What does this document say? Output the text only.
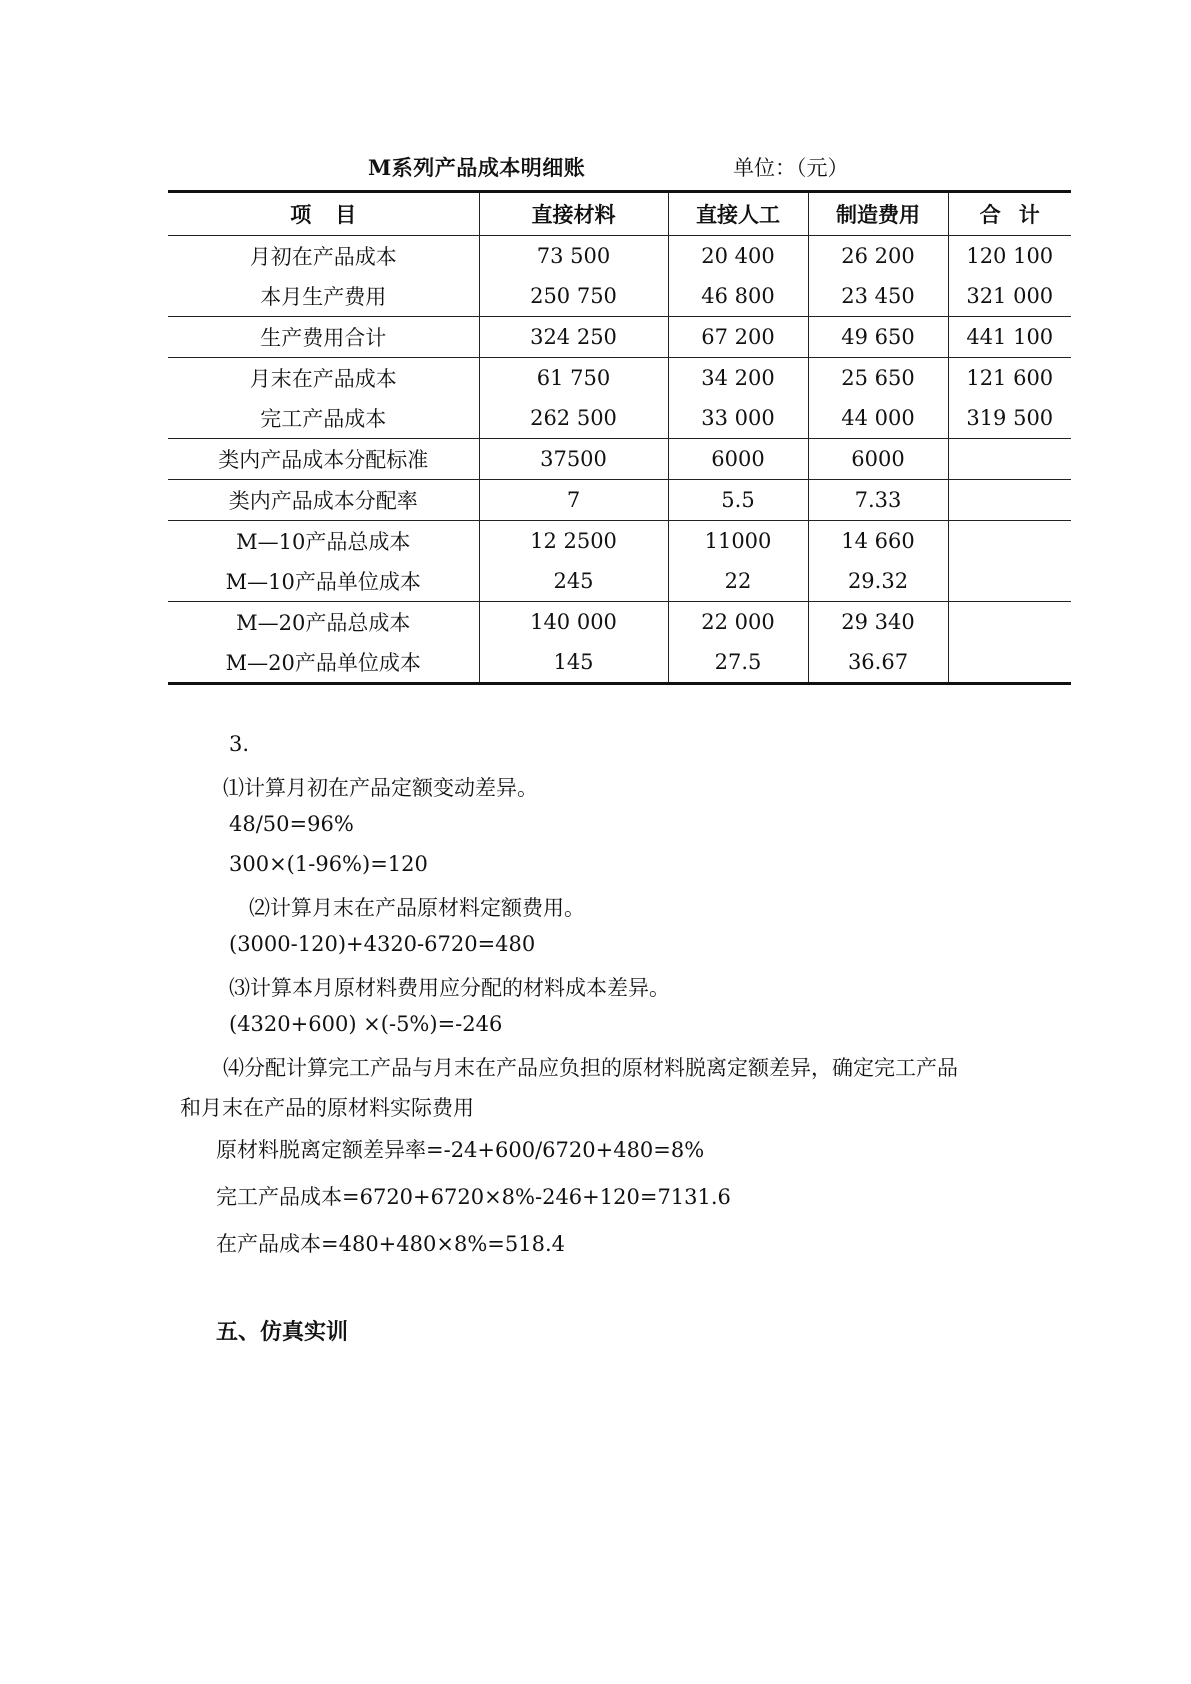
M系列产品成本明细账	单位：（元）
项目	直接材料	直接人工	制造费用	合计
月初在产品成本	73 500	20 400	26 200	120 100
本月生产费用	250 750	46 800	23 450	321 000
生产费用合计	324 250	67 200	49 650	441 100
月末在产品成本	61 750	34 200	25 650	121 600
完工产品成本	262 500	33 000	44 000	319 500
类内产品成本分配标准	37500	6000	6000	
类内产品成本分配率	7	5.5	7.33	
M—10产品总成本	12 2500	11000	14 660	
M—10产品单位成本	245	22	29.32	
M—20产品总成本	140 000	22 000	29 340	
M—20产品单位成本	145	27.5	36.67	
3.
⑴计算月初在产品定额变动差异。
48/50=96%
300×(1-96%)=120
⑵计算月末在产品原材料定额费用。
(3000-120)+4320-6720=480
⑶计算本月原材料费用应分配的材料成本差异。
(4320+600) ×(-5%)=-246
⑷分配计算完工产品与月末在产品应负担的原材料脱离定额差异，确定完工产品
和月末在产品的原材料实际费用
原材料脱离定额差异率=-24+600/6720+480=8%
完工产品成本=6720+6720×8%-246+120=7131.6
在产品成本=480+480×8%=518.4
五、仿真实训
